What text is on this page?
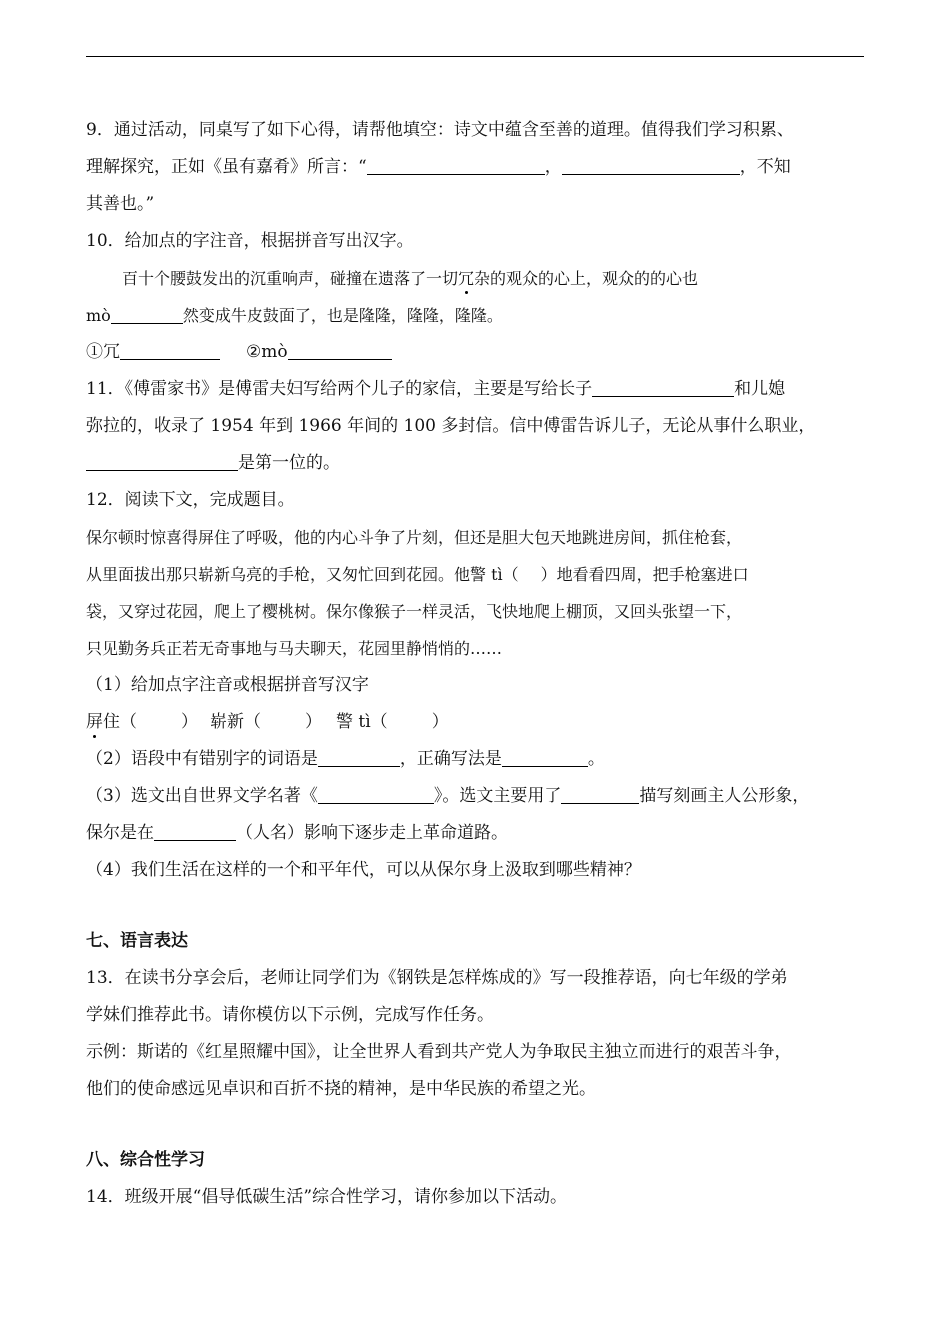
9．通过活动，同桌写了如下心得，请帮他填空：诗文中蕴含至善的道理。值得我们学习积累、

理解探究，正如《虽有嘉肴》所言：“	，	，不知

其善也。”

10．给加点的字注音，根据拼音写出汉字。

百十个腰鼓发出的沉重响声，碰撞在遗落了一切冗杂的观众的心上，观众的的心也

mò	然变成牛皮鼓面了，也是隆隆，隆隆，隆隆。

①冗	②mò

11．《傅雷家书》是傅雷夫妇写给两个儿子的家信，主要是写给长子	和儿媳

弥拉的，收录了 1954 年到 1966 年间的 100 多封信。信中傅雷告诉儿子，无论从事什么职业，

是第一位的。

12．阅读下文，完成题目。

保尔顿时惊喜得屏住了呼吸，他的内心斗争了片刻，但还是胆大包天地跳进房间，抓住枪套，

从里面拔出那只崭新乌亮的手枪，又匆忙回到花园。他警 tì（ ）地看看四周，把手枪塞进口

袋，又穿过花园，爬上了樱桃树。保尔像猴子一样灵活，飞快地爬上棚顶，又回头张望一下，

只见勤务兵正若无奇事地与马夫聊天，花园里静悄悄的……

（1）给加点字注音或根据拼音写汉字

屏住（	） 崭新（	） 警 tì（	）

（2）语段中有错别字的词语是	，正确写法是	。

（3）选文出自世界文学名著《	》。选文主要用了	描写刻画主人公形象，

保尔是在	（人名）影响下逐步走上革命道路。

（4）我们生活在这样的一个和平年代，可以从保尔身上汲取到哪些精神？

七、语言表达

13．在读书分享会后，老师让同学们为《钢铁是怎样炼成的》写一段推荐语，向七年级的学弟

学妹们推荐此书。请你模仿以下示例，完成写作任务。

示例：斯诺的《红星照耀中国》，让全世界人看到共产党人为争取民主独立而进行的艰苦斗争，

他们的使命感远见卓识和百折不挠的精神，是中华民族的希望之光。

八、综合性学习

14．班级开展“倡导低碳生活”综合性学习，请你参加以下活动。
